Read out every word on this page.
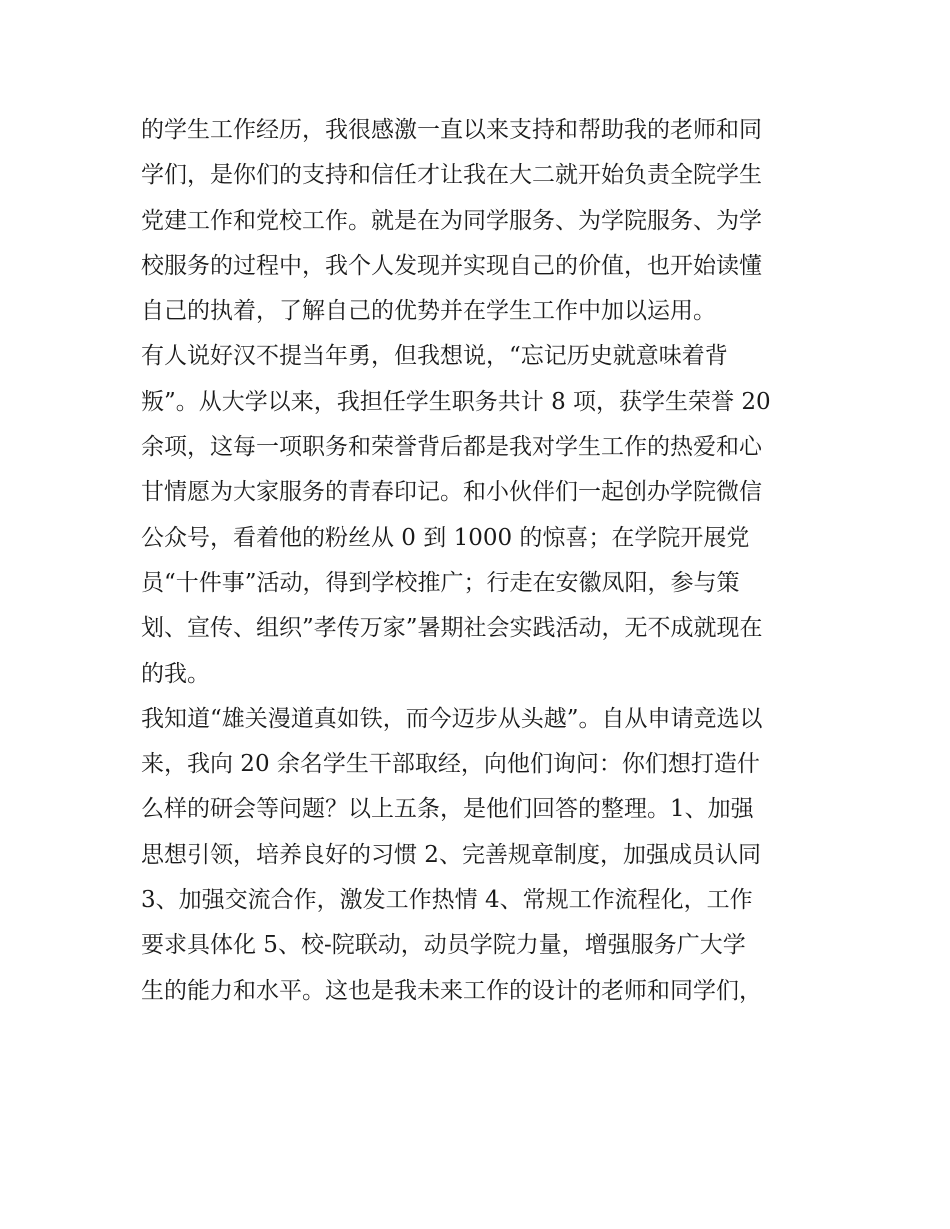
的学生工作经历，我很感激一直以来支持和帮助我的老师和同
学们，是你们的支持和信任才让我在大二就开始负责全院学生
党建工作和党校工作。就是在为同学服务、为学院服务、为学
校服务的过程中，我个人发现并实现自己的价值，也开始读懂
自己的执着，了解自己的优势并在学生工作中加以运用。
有人说好汉不提当年勇，但我想说，“忘记历史就意味着背
叛”。从大学以来，我担任学生职务共计 8 项，获学生荣誉 20
余项，这每一项职务和荣誉背后都是我对学生工作的热爱和心
甘情愿为大家服务的青春印记。和小伙伴们一起创办学院微信
公众号，看着他的粉丝从 0 到 1000 的惊喜；在学院开展党
员“十件事”活动，得到学校推广；行走在安徽凤阳，参与策
划、宣传、组织”孝传万家”暑期社会实践活动，无不成就现在
的我。
我知道“雄关漫道真如铁，而今迈步从头越”。自从申请竞选以
来，我向 20 余名学生干部取经，向他们询问：你们想打造什
么样的研会等问题？以上五条，是他们回答的整理。1、加强
思想引领，培养良好的习惯 2、完善规章制度，加强成员认同
3、加强交流合作，激发工作热情 4、常规工作流程化，工作
要求具体化 5、校-院联动，动员学院力量，增强服务广大学
生的能力和水平。这也是我未来工作的设计的老师和同学们，
